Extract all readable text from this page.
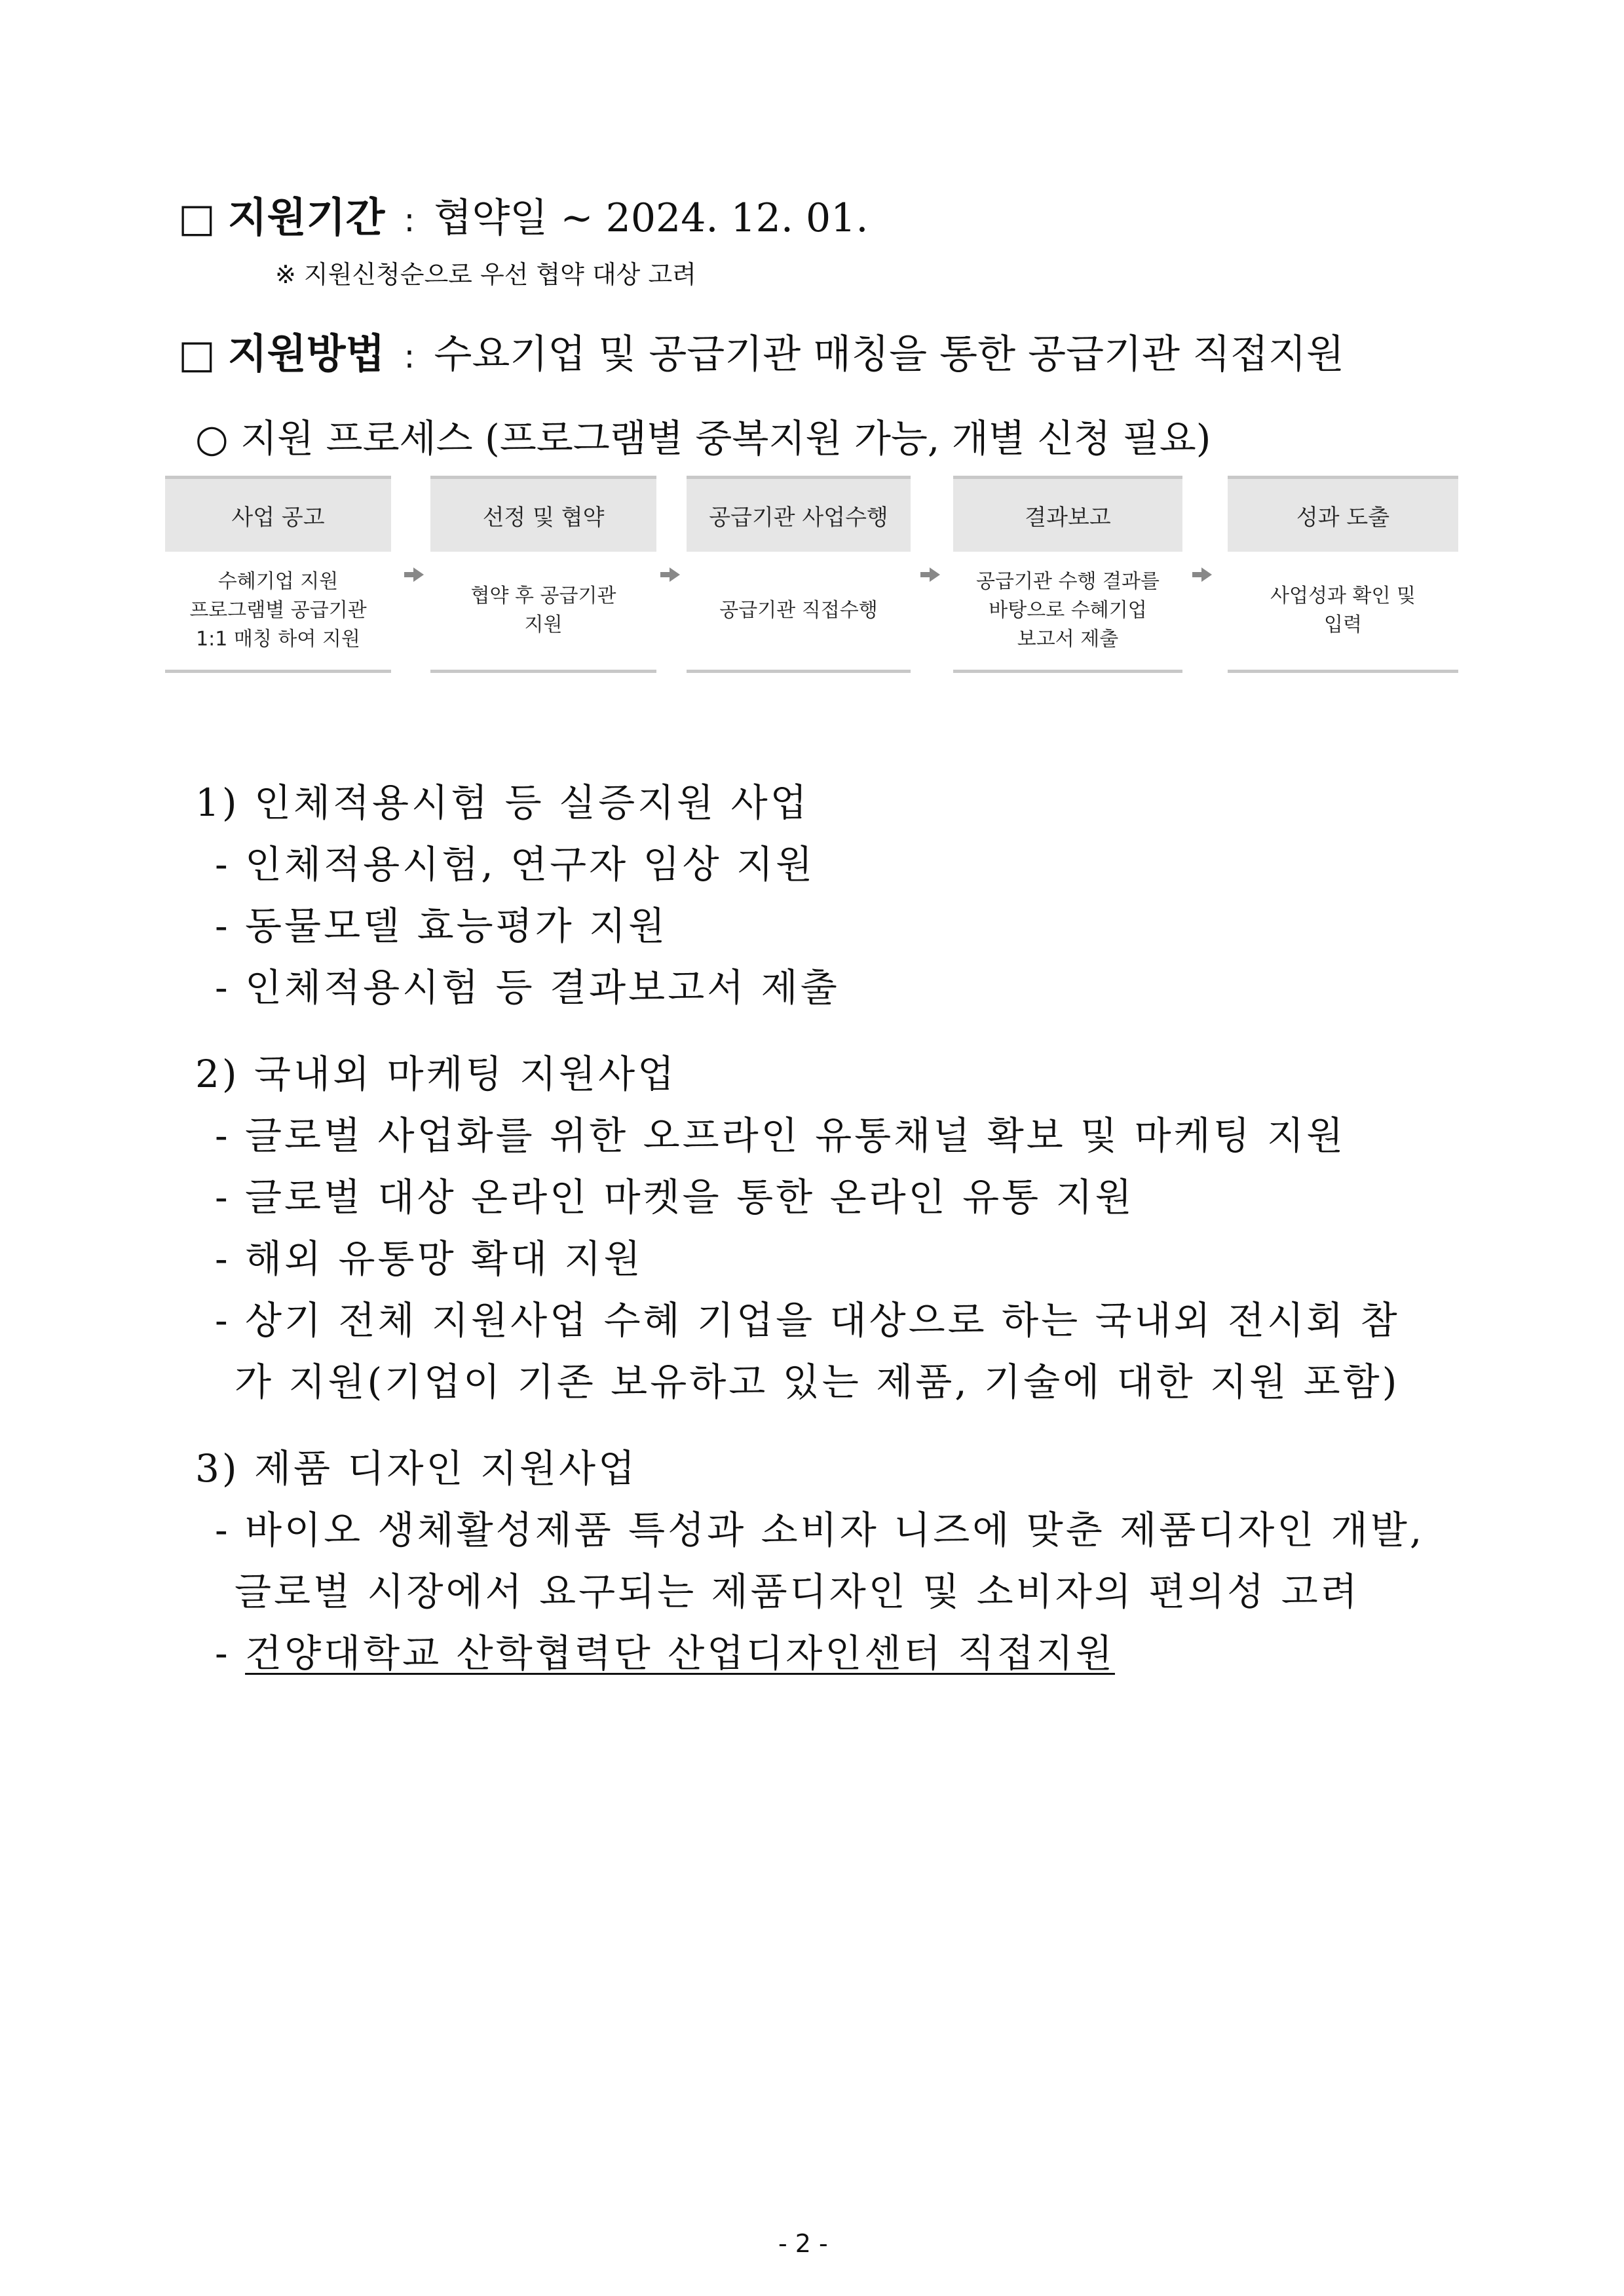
□ 지원기간 : 협약일 ~ 2024. 12. 01.
※ 지원신청순으로 우선 협약 대상 고려
□ 지원방법 : 수요기업 및 공급기관 매칭을 통한 공급기관 직접지원
○ 지원 프로세스 (프로그램별 중복지원 가능, 개별 신청 필요)
사업 공고
수혜기업 지원
프로그램별 공급기관
1:1 매칭 하여 지원
선정 및 협약
협약 후 공급기관
지원
공급기관 사업수행
공급기관 직접수행
결과보고
공급기관 수행 결과를
바탕으로 수혜기업
보고서 제출
성과 도출
사업성과 확인 및
입력
1) 인체적용시험 등 실증지원 사업
- 인체적용시험, 연구자 임상 지원
- 동물모델 효능평가 지원
- 인체적용시험 등 결과보고서 제출
2) 국내외 마케팅 지원사업
- 글로벌 사업화를 위한 오프라인 유통채널 확보 및 마케팅 지원
- 글로벌 대상 온라인 마켓을 통한 온라인 유통 지원
- 해외 유통망 확대 지원
- 상기 전체 지원사업 수혜 기업을 대상으로 하는 국내외 전시회 참
가 지원(기업이 기존 보유하고 있는 제품, 기술에 대한 지원 포함)
3) 제품 디자인 지원사업
- 바이오 생체활성제품 특성과 소비자 니즈에 맞춘 제품디자인 개발,
글로벌 시장에서 요구되는 제품디자인 및 소비자의 편의성 고려
- 건양대학교 산학협력단 산업디자인센터 직접지원
- 2 -
